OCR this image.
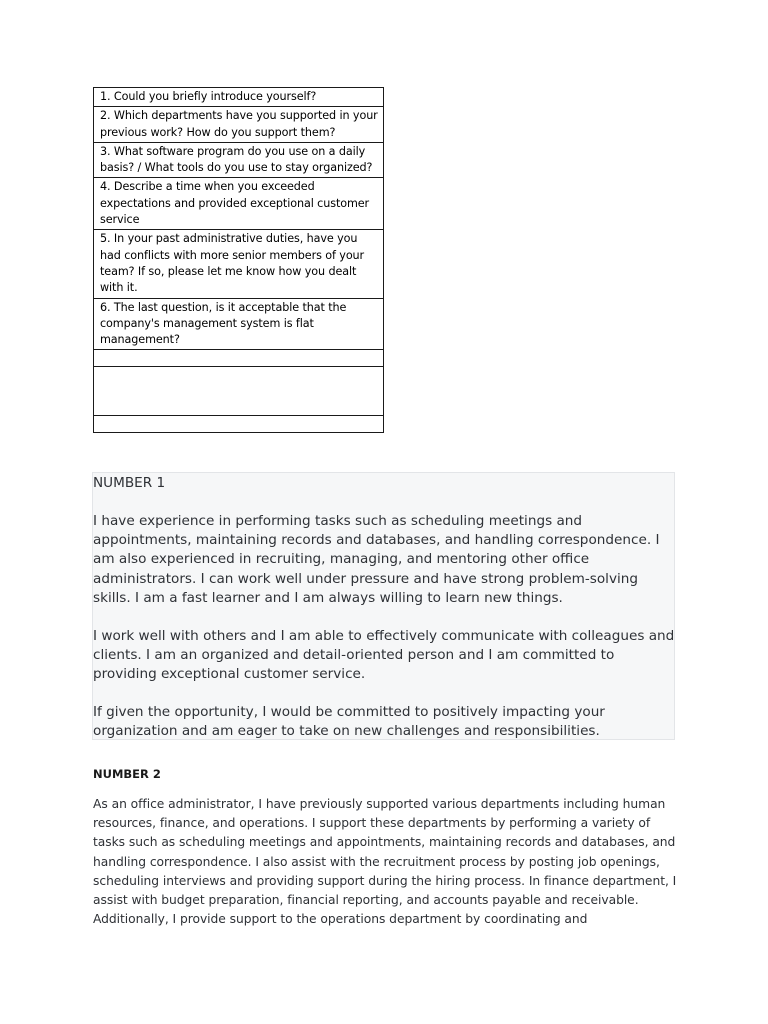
1. Could you briefly introduce yourself?
2. Which departments have you supported in your previous work? How do you support them?
3. What software program do you use on a daily basis? / What tools do you use to stay organized?
4. Describe a time when you exceeded expectations and provided exceptional customer service
5. In your past administrative duties, have you had conflicts with more senior members of your team? If so, please let me know how you dealt with it.
6. The last question, is it acceptable that the company's management system is flat management?

NUMBER 1

I have experience in performing tasks such as scheduling meetings and appointments, maintaining records and databases, and handling correspondence. I am also experienced in recruiting, managing, and mentoring other office administrators. I can work well under pressure and have strong problem-solving skills. I am a fast learner and I am always willing to learn new things.

I work well with others and I am able to effectively communicate with colleagues and clients. I am an organized and detail-oriented person and I am committed to providing exceptional customer service.

If given the opportunity, I would be committed to positively impacting your organization and am eager to take on new challenges and responsibilities.

NUMBER 2

As an office administrator, I have previously supported various departments including human resources, finance, and operations. I support these departments by performing a variety of tasks such as scheduling meetings and appointments, maintaining records and databases, and handling correspondence. I also assist with the recruitment process by posting job openings, scheduling interviews and providing support during the hiring process. In finance department, I assist with budget preparation, financial reporting, and accounts payable and receivable. Additionally, I provide support to the operations department by coordinating and
